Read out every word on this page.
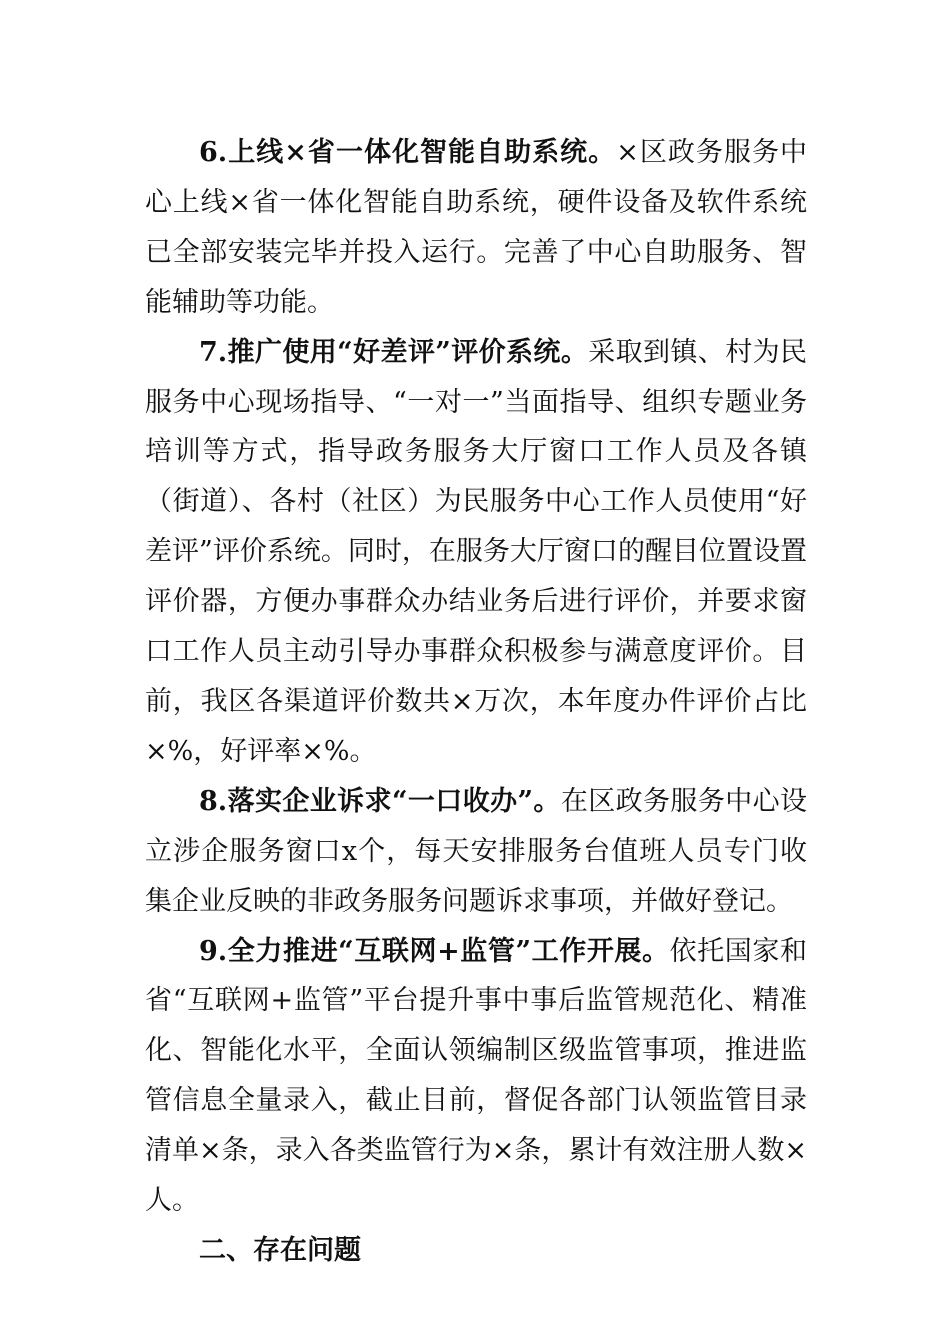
6.上线×省一体化智能自助系统。×区政务服务中心上线×省一体化智能自助系统，硬件设备及软件系统已全部安装完毕并投入运行。完善了中心自助服务、智能辅助等功能。

7.推广使用“好差评”评价系统。采取到镇、村为民服务中心现场指导、“一对一”当面指导、组织专题业务培训等方式，指导政务服务大厅窗口工作人员及各镇（街道）、各村（社区）为民服务中心工作人员使用“好差评”评价系统。同时，在服务大厅窗口的醒目位置设置评价器，方便办事群众办结业务后进行评价，并要求窗口工作人员主动引导办事群众积极参与满意度评价。目前，我区各渠道评价数共×万次，本年度办件评价占比×%，好评率×%。

8.落实企业诉求“一口收办”。在区政务服务中心设立涉企服务窗口x个，每天安排服务台值班人员专门收集企业反映的非政务服务问题诉求事项，并做好登记。

9.全力推进“互联网+监管”工作开展。依托国家和省“互联网+监管”平台提升事中事后监管规范化、精准化、智能化水平，全面认领编制区级监管事项，推进监管信息全量录入，截止目前，督促各部门认领监管目录清单×条，录入各类监管行为×条，累计有效注册人数×人。

二、存在问题
